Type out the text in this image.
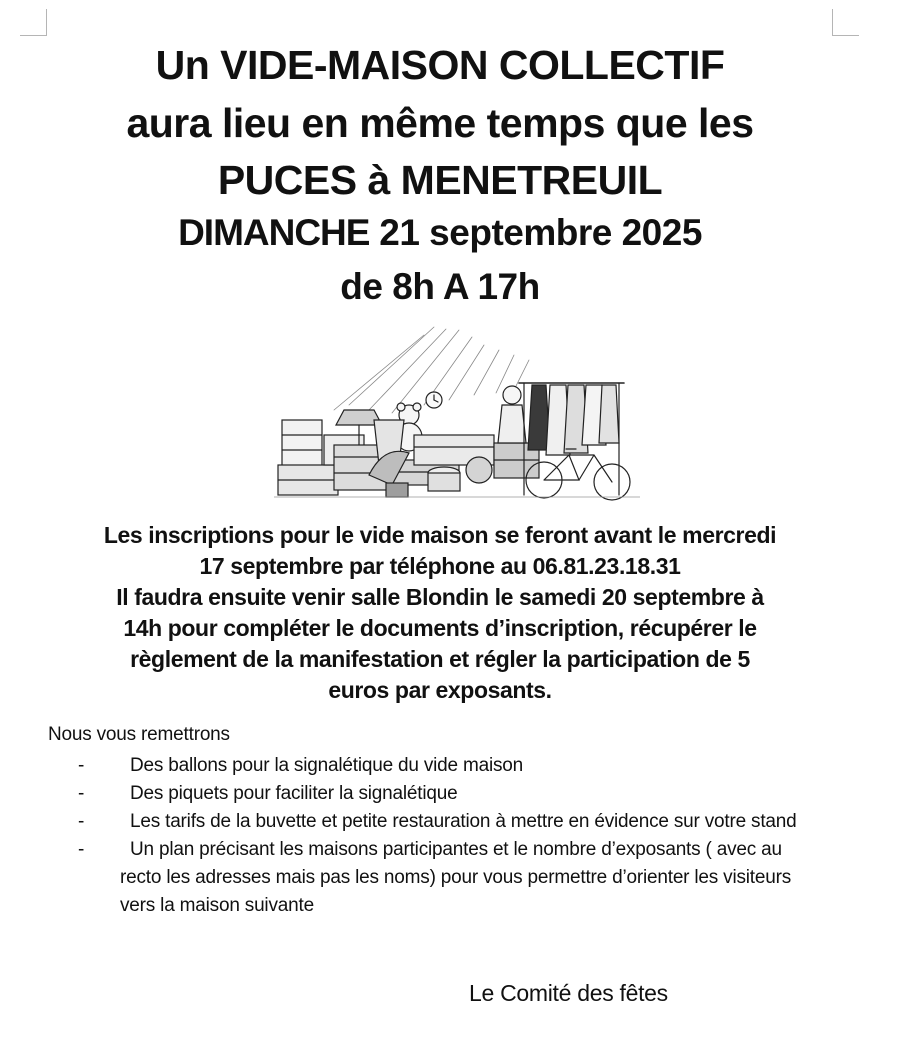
Un VIDE-MAISON COLLECTIF

aura lieu en même temps que les

PUCES à MENETREUIL

DIMANCHE 21 septembre 2025

de 8h A 17h

Les inscriptions pour le vide maison se feront avant le mercredi
17 septembre par téléphone au 06.81.23.18.31
Il faudra ensuite venir salle Blondin le samedi 20 septembre à
14h pour compléter le documents d’inscription, récupérer le
règlement de la manifestation et régler la participation de 5
euros par exposants.

Nous vous remettrons

- Des ballons pour la signalétique du vide maison
- Des piquets pour faciliter la signalétique
- Les tarifs de la buvette et petite restauration à mettre en évidence sur votre stand
- Un plan précisant les maisons participantes et le nombre d’exposants ( avec au recto les adresses mais pas les noms) pour vous permettre d’orienter les visiteurs vers la maison suivante

Le Comité des fêtes
